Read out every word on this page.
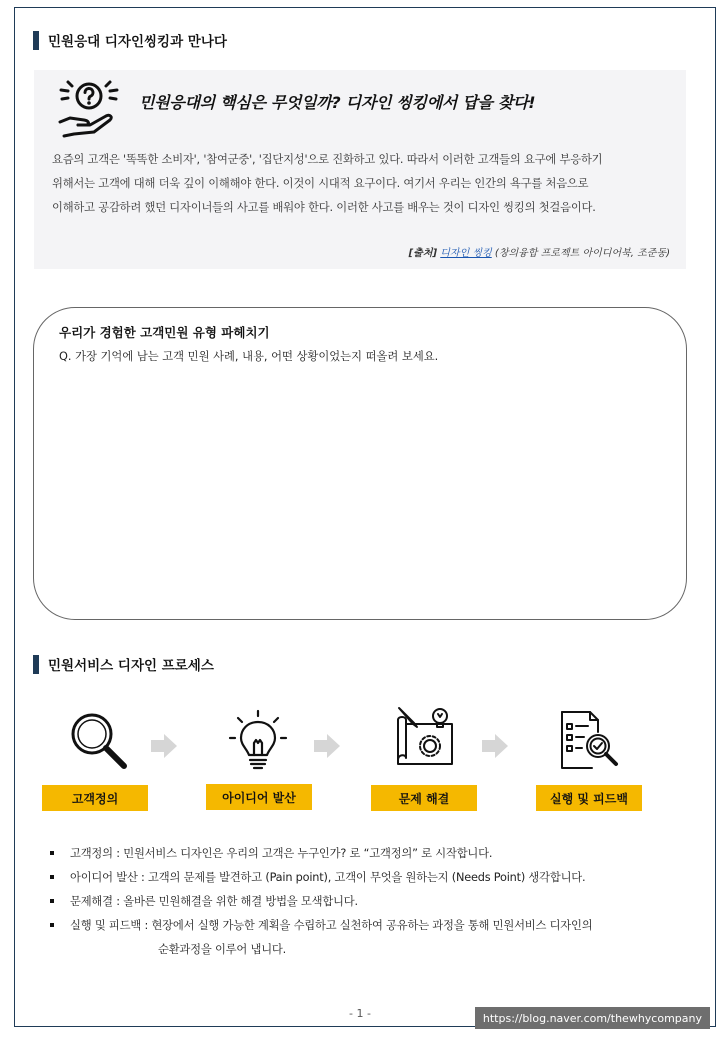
민원응대 디자인씽킹과 만나다
민원응대의 핵심은 무엇일까? 디자인 씽킹에서 답을 찾다!
요즘의 고객은 '똑똑한 소비자', '참여군중', '집단지성'으로 진화하고 있다. 따라서 이러한 고객들의 요구에 부응하기
위해서는 고객에 대해 더욱 깊이 이해해야 한다. 이것이 시대적 요구이다. 여기서 우리는 인간의 욕구를 처음으로
이해하고 공감하려 했던 디자이너들의 사고를 배워야 한다. 이러한 사고를 배우는 것이 디자인 씽킹의 첫걸음이다.
[출처] 디자인 씽킹 (창의융합 프로젝트 아이디어북, 조준동)
우리가 경험한 고객민원 유형 파헤치기
Q. 가장 기억에 남는 고객 민원 사례, 내용, 어떤 상황이었는지 떠올려 보세요.
민원서비스 디자인 프로세스
고객정의	아이디어 발산	문제 해결	실행 및 피드백
고객정의 : 민원서비스 디자인은 우리의 고객은 누구인가? 로 “고객정의” 로 시작합니다.
아이디어 발산 : 고객의 문제를 발견하고 (Pain point), 고객이 무엇을 원하는지 (Needs Point) 생각합니다.
문제해결 : 올바른 민원해결을 위한 해결 방법을 모색합니다.
실행 및 피드백 : 현장에서 실행 가능한 계획을 수립하고 실천하여 공유하는 과정을 통해 민원서비스 디자인의
순환과정을 이루어 냅니다.
- 1 -	https://blog.naver.com/thewhycompany
